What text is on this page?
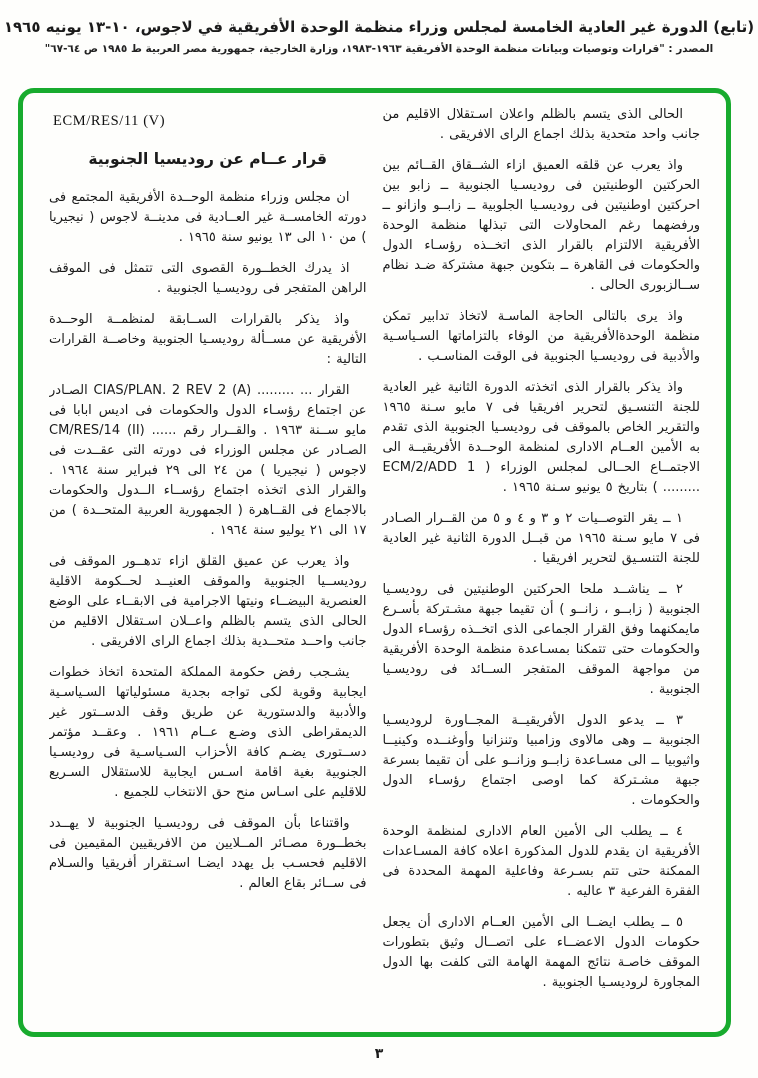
(تابع) الدورة غير العادية الخامسة لمجلس وزراء منظمة الوحدة الأفريقية في لاجوس، ١٠-١٣ يونيه ١٩٦٥
المصدر : "قرارات وتوصيات وبيانات منظمة الوحدة الأفريقية ١٩٦٣-١٩٨٣، وزارة الخارجية، جمهورية مصر العربية ط ١٩٨٥ ص ٦٤-٦٧"

الحالى الذى يتسم بالظلم واعلان اسـتقلال الاقليم من جانب واحد متحدية بذلك اجماع الراى الافريقى .

واذ يعرب عن قلقه العميق ازاء الشــقاق القــائم بين الحركتين الوطنيتين فى روديسـيا الجنوبية ــ زابو بين احركتين اوطنيتين فى روديسـيا الجلوبية ــ زابــو وازانو ــ ورفضهما رغم المحاولات التى تبذلها منظمة الوحدة الأفريقية الالتزام بالقرار الذى اتخــذه رؤسـاء الدول والحكومات فى القاهرة ــ بتكوين جبهة مشتركة ضـد نظام ســالزبورى الحالى .

واذ يرى بالتالى الحاجة الماسـة لاتخاذ تدابير تمكن منظمة الوحدةالأفريقية من الوفاء بالتزاماتها السـياسـية والأدبية فى روديسـيا الجنوبية فى الوقت المناسـب .

واذ يذكر بالقرار الذى اتخذته الدورة الثانية غير العادية للجنة التنسـيق لتحرير افريقيا فى ٧ مايو سـنة ١٩٦٥ والتقرير الخاص بالموقف فى روديسـيا الجنوبية الذى تقدم به الأمين العــام الادارى لمنظمة الوحــدة الأفريقيــة الى الاجتمــاع الحــالى لمجلس الوزراء ( ECM/2/ADD 1 ......... ) بتاريخ ٥ يونيو سـنة ١٩٦٥ .

١ ــ يقر التوصــيات ٢ و ٣ و ٤ و ٥ من القــرار الصـادر فى ٧ مايو سـنة ١٩٦٥ من قبــل الدورة الثانية غير العادية للجنة التنسـيق لتحرير افريقيا .

٢ ــ يناشــد ملحا الحركتين الوطنيتين فى روديسـيا الجنوبية ( زابــو ، زانــو ) أن تقيما جبهة مشـتركة بأسـرع مايمكنهما وفق القرار الجماعى الذى اتخــذه رؤسـاء الدول والحكومات حتى تتمكنا بمسـاعدة منظمة الوحدة الأفريقية من مواجهة الموقف المتفجر الســائد فى روديسـيا الجنوبية .

٣ ــ يدعو الدول الأفريقيــة المجــاورة لروديسـيا الجنوبية ــ وهى مالاوى وزامبيا وتنزانيا وأوغنــده وكينيــا واثيوبيا ــ الى مسـاعدة زابــو وزانــو على أن تقيما بسرعة جبهة مشـتركة كما اوصى اجتماع رؤسـاء الدول والحكومات .

٤ ــ يطلب الى الأمين العام الادارى لمنظمة الوحدة الأفريقية ان يقدم للدول المذكورة اعلاه كافة المسـاعدات الممكنة حتى تتم بسـرعة وفاعلية المهمة المحددة فى الفقرة الفرعية ٣ عاليه .

٥ ــ يطلب ايضــا الى الأمين العــام الادارى أن يجعل حكومات الدول الاعضــاء على اتصــال وثيق بتطورات الموقف خاصـة نتائج المهمة الهامة التى كلفت بها الدول المجاورة لروديسـيا الجنوبية .

ECM/RES/11 (V)
قرار عــام عن روديسيا الجنوبية

ان مجلس وزراء منظمة الوحــدة الأفريقية المجتمع فى دورته الخامســة غير العــادية فى مدينــة لاجوس ( نيجيريا ) من ١٠ الى ١٣ يونيو سنة ١٩٦٥ .

اذ يدرك الخطــورة القصوى التى تتمثل فى الموقف الراهن المتفجر فى روديسـيا الجنوبية .

واذ يذكر بالقرارات الســابقة لمنظمــة الوحــدة الأفريقية عن مســألة روديسـيا الجنوبية وخاصــة القرارات التالية :

القرار ... ......... CIAS/PLAN. 2 REV 2 (A) الصـادر عن اجتماع رؤسـاء الدول والحكومات فى اديس ابابا فى مايو ســنة ١٩٦٣ . والقــرار رقم ...... CM/RES/14 (II) الصـادر عن مجلس الوزراء فى دورته التى عقــدت فى لاجوس ( نيجيريا ) من ٢٤ الى ٢٩ فبراير سنة ١٩٦٤ . والقرار الذى اتخذه اجتماع رؤســاء الــدول والحكومات بالاجماع فى القــاهرة ( الجمهورية العربية المتحــدة ) من ١٧ الى ٢١ يوليو سنة ١٩٦٤ .

واذ يعرب عن عميق القلق ازاء تدهــور الموقف فى روديســيا الجنوبية والموقف العنيــد لحــكومة الاقلية العنصرية البيضــاء ونيتها الاجرامية فى الابقــاء على الوضع الحالى الذى يتسم بالظلم واعــلان اسـتقلال الاقليم من جانب واحــد متحــدية بذلك اجماع الراى الافريقى .

يشـجب رفض حكومة المملكة المتحدة اتخاذ خطوات ايجابية وقوية لكى تواجه بجدية مسئولياتها السـياسـية والأدبية والدستورية عن طريق وقف الدســتور غير الديمقراطى الذى وضـع عــام ١٩٦١ . وعقــد مؤتمر دســتورى يضـم كافة الأحزاب السـياسـية فى روديسـيا الجنوبية بغية اقامة اسـس ايجابية للاستقلال السـريع للاقليم على اسـاس منح حق الانتخاب للجميع .

واقتناعا بأن الموقف فى روديسـيا الجنوبية لا يهــدد بخطــورة مصـائر المــلايين من الافريقيين المقيمين فى الاقليم فحسـب بل يهدد ايضـا اسـتقرار أفريقيا والسـلام فى ســائر بقاع العالم .

٣
